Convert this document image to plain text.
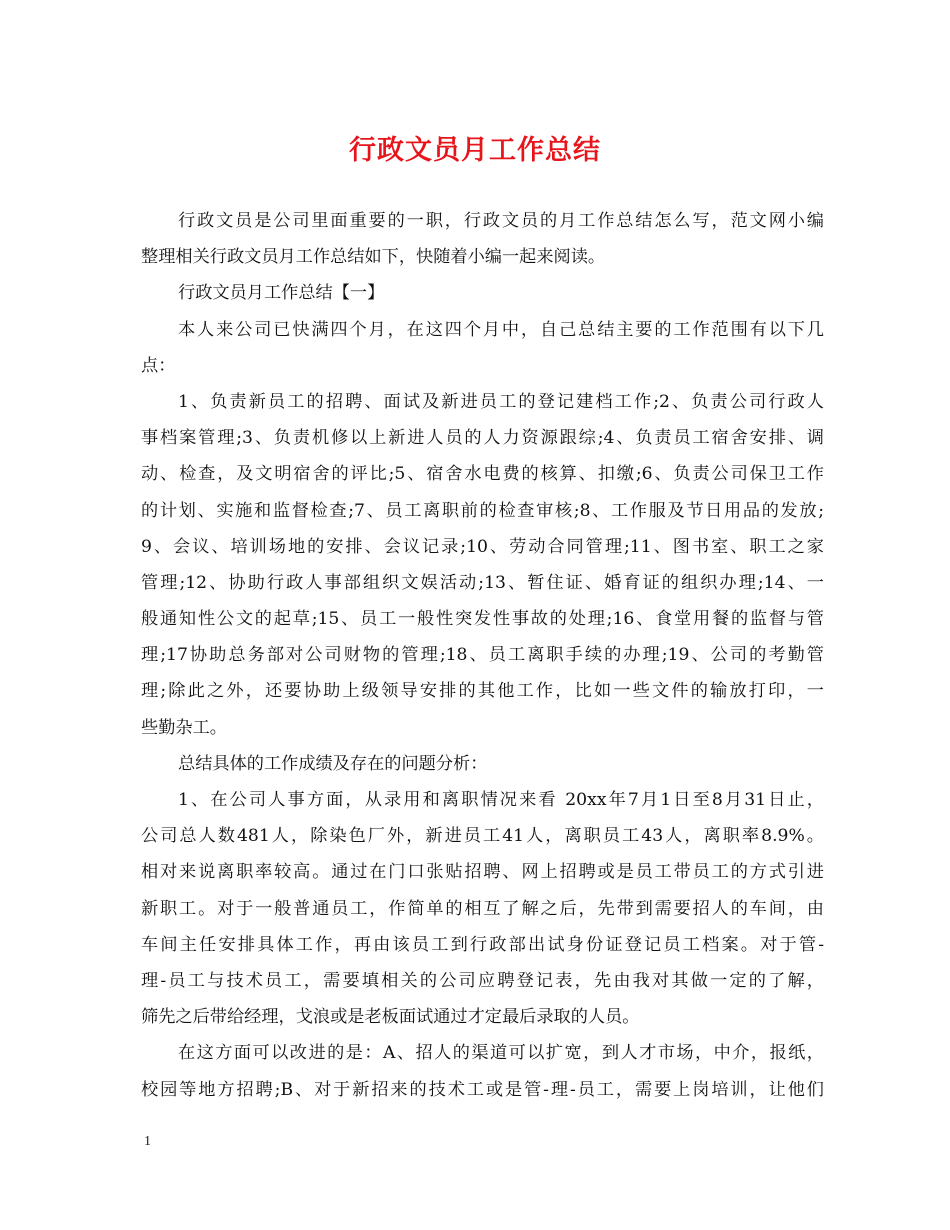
行政文员月工作总结
行政文员是公司里面重要的一职，行政文员的月工作总结怎么写，范文网小编
整理相关行政文员月工作总结如下，快随着小编一起来阅读。
行政文员月工作总结【一】
本人来公司已快满四个月，在这四个月中，自己总结主要的工作范围有以下几
点：
1、负责新员工的招聘、面试及新进员工的登记建档工作;2、负责公司行政人
事档案管理;3、负责机修以上新进人员的人力资源跟综;4、负责员工宿舍安排、调
动、检查，及文明宿舍的评比;5、宿舍水电费的核算、扣缴;6、负责公司保卫工作
的计划、实施和监督检查;7、员工离职前的检查审核;8、工作服及节日用品的发放;
9、会议、培训场地的安排、会议记录;10、劳动合同管理;11、图书室、职工之家
管理;12、协助行政人事部组织文娱活动;13、暂住证、婚育证的组织办理;14、一
般通知性公文的起草;15、员工一般性突发性事故的处理;16、食堂用餐的监督与管
理;17协助总务部对公司财物的管理;18、员工离职手续的办理;19、公司的考勤管
理;除此之外，还要协助上级领导安排的其他工作，比如一些文件的输放打印，一
些勤杂工。
总结具体的工作成绩及存在的问题分析：
1、在公司人事方面，从录用和离职情况来看 20xx年7月1日至8月31日止，
公司总人数481人，除染色厂外，新进员工41人，离职员工43人，离职率8.9%。
相对来说离职率较高。通过在门口张贴招聘、网上招聘或是员工带员工的方式引进
新职工。对于一般普通员工，作简单的相互了解之后，先带到需要招人的车间，由
车间主任安排具体工作，再由该员工到行政部出试身份证登记员工档案。对于管-
理-员工与技术员工，需要填相关的公司应聘登记表，先由我对其做一定的了解，
筛先之后带给经理，戈浪或是老板面试通过才定最后录取的人员。
在这方面可以改进的是：A、招人的渠道可以扩宽，到人才市场，中介，报纸，
校园等地方招聘;B、对于新招来的技术工或是管-理-员工，需要上岗培训，让他们
1
